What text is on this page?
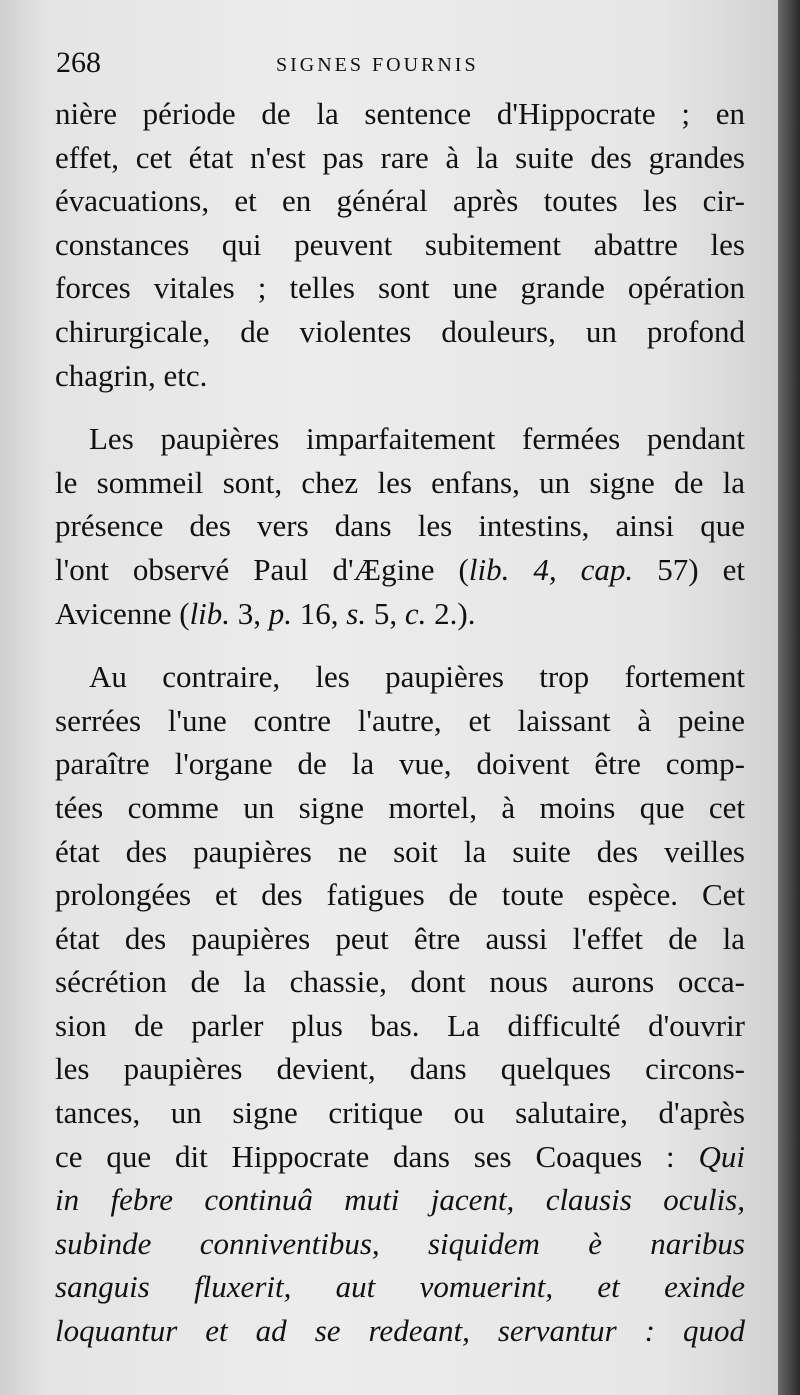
268	SIGNES FOURNIS
nière période de la sentence d'Hippocrate ; en
effet, cet état n'est pas rare à la suite des grandes
évacuations, et en général après toutes les cir-
constances qui peuvent subitement abattre les
forces vitales ; telles sont une grande opération
chirurgicale, de violentes douleurs, un profond
chagrin, etc.
Les paupières imparfaitement fermées pendant
le sommeil sont, chez les enfans, un signe de la
présence des vers dans les intestins, ainsi que
l'ont observé Paul d'Ægine (lib. 4, cap. 57) et
Avicenne (lib. 3, p. 16, s. 5, c. 2.).
Au contraire, les paupières trop fortement
serrées l'une contre l'autre, et laissant à peine
paraître l'organe de la vue, doivent être comp-
tées comme un signe mortel, à moins que cet
état des paupières ne soit la suite des veilles
prolongées et des fatigues de toute espèce. Cet
état des paupières peut être aussi l'effet de la
sécrétion de la chassie, dont nous aurons occa-
sion de parler plus bas. La difficulté d'ouvrir
les paupières devient, dans quelques circons-
tances, un signe critique ou salutaire, d'après
ce que dit Hippocrate dans ses Coaques : Qui
in febre continuâ muti jacent, clausis oculis,
subinde conniventibus, siquidem è naribus
sanguis fluxerit, aut vomuerint, et exinde
loquantur et ad se redeant, servantur : quod
